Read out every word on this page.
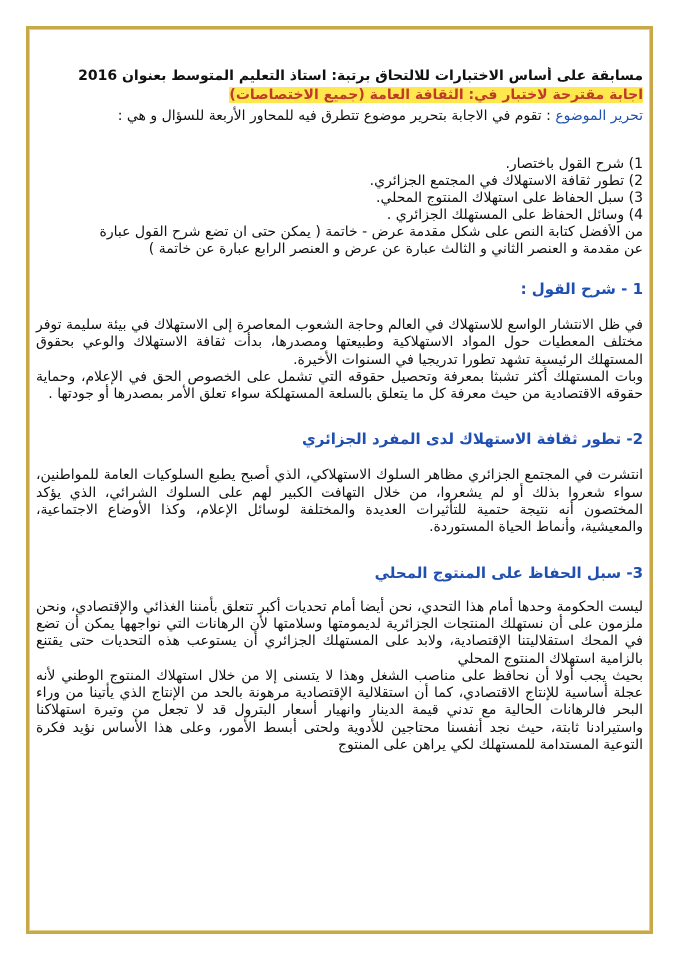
مسابقة على أساس الاختبارات للالتحاق برتبة: استاذ التعليم المتوسط بعنوان 2016
اجابة مقترحة لاختبار في: الثقافة العامة (جميع الاختصاصات)
تحرير الموضوع : تقوم في الاجابة بتحرير موضوع تتطرق فيه للمحاور الأربعة للسؤال و هي :
1) شرح القول باختصار.
2) تطور ثقافة الاستهلاك في المجتمع الجزائري.
3) سبل الحفاظ على استهلاك المنتوج المحلي.
4) وسائل الحفاظ على المستهلك الجزائري .
من الأفضل كتابة النص على شكل مقدمة عرض - خاتمة ( يمكن حتى ان تضع شرح القول عبارة
عن مقدمة و العنصر الثاني و الثالث عبارة عن عرض و العنصر الرابع عبارة عن خاتمة )
1 - شرح القول :

في ظل الانتشار الواسع للاستهلاك في العالم وحاجة الشعوب المعاصرة إلى الاستهلاك في بيئة سليمة توفر مختلف المعطيات حول المواد الاستهلاكية وطبيعتها ومصدرها، بدأت ثقافة الاستهلاك والوعي بحقوق المستهلك الرئيسية تشهد تطورا تدريجيا في السنوات الأخيرة.

وبات المستهلك أكثر تشبثا بمعرفة وتحصيل حقوقه التي تشمل على الخصوص الحق في الإعلام، وحماية حقوقه الاقتصادية من حيث معرفة كل ما يتعلق بالسلعة المستهلكة سواء تعلق الأمر بمصدرها أو جودتها .

2- تطور ثقافة الاستهلاك لدى المفرد الجزائري

انتشرت في المجتمع الجزائري مظاهر السلوك الاستهلاكي، الذي أصبح يطبع السلوكيات العامة للمواطنين، سواء شعروا بذلك أو لم يشعروا، من خلال التهافت الكبير لهم على السلوك الشرائي، الذي يؤكد المختصون أنه نتيجة حتمية للتأثيرات العديدة والمختلفة لوسائل الإعلام، وكذا الأوضاع الاجتماعية، والمعيشية، وأنماط الحياة المستوردة.

3- سبل الحفاظ على المنتوج المحلي

ليست الحكومة وحدها أمام هذا التحدي، نحن أيضا أمام تحديات أكبر تتعلق بأمننا الغذائي والإقتصادي، ونحن ملزمون على أن نستهلك المنتجات الجزائرية لديمومتها وسلامتها لأن الرهانات التي نواجهها يمكن أن تضع في المحك استقلاليتنا الإقتصادية، ولابد على المستهلك الجزائري أن يستوعب هذه التحديات حتى يقتنع بالزامية استهلاك المنتوج المحلي

بحيث يجب أولا أن نحافظ على مناصب الشغل وهذا لا يتسنى إلا من خلال استهلاك المنتوج الوطني لأنه عجلة أساسية للإنتاج الاقتصادي، كما أن استقلالية الإقتصادية مرهونة بالحد من الإنتاج الذي يأتينا من وراء البحر فالرهانات الحالية مع تدني قيمة الدينار وانهيار أسعار البترول قد لا تجعل من وتيرة استهلاكنا واستيرادنا ثابتة، حيث نجد أنفسنا محتاجين للأدوية ولحتى أبسط الأمور، وعلى هذا الأساس نؤيد فكرة التوعية المستدامة للمستهلك لكي يراهن على المنتوج
